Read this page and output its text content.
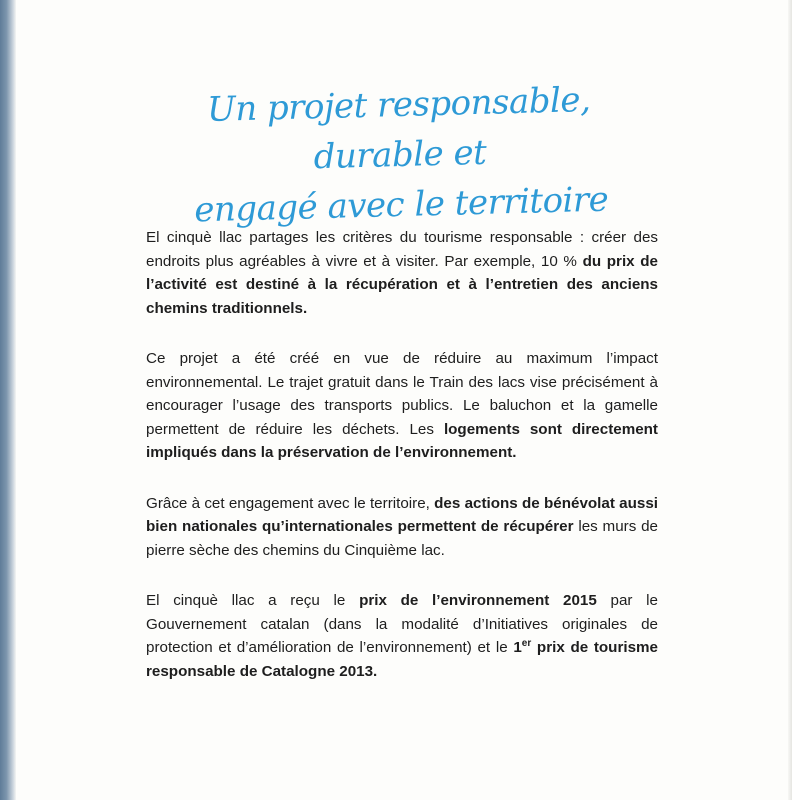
Un projet responsable, durable et
engagé avec le territoire

El cinquè llac partages les critères du tourisme responsable : créer des endroits plus agréables à vivre et à visiter. Par exemple, 10 % du prix de l’activité est destiné à la récupération et à l’entretien des anciens chemins traditionnels.

Ce projet a été créé en vue de réduire au maximum l’impact environnemental. Le trajet gratuit dans le Train des lacs vise précisément à encourager l’usage des transports publics. Le baluchon et la gamelle permettent de réduire les déchets. Les logements sont directement impliqués dans la préservation de l’environnement.

Grâce à cet engagement avec le territoire, des actions de bénévolat aussi bien nationales qu’internationales permettent de récupérer les murs de pierre sèche des chemins du Cinquième lac.

El cinquè llac a reçu le prix de l’environnement 2015 par le Gouvernement catalan (dans la modalité d’Initiatives originales de protection et d’amélioration de l’environnement) et le 1er prix de tourisme responsable de Catalogne 2013.
